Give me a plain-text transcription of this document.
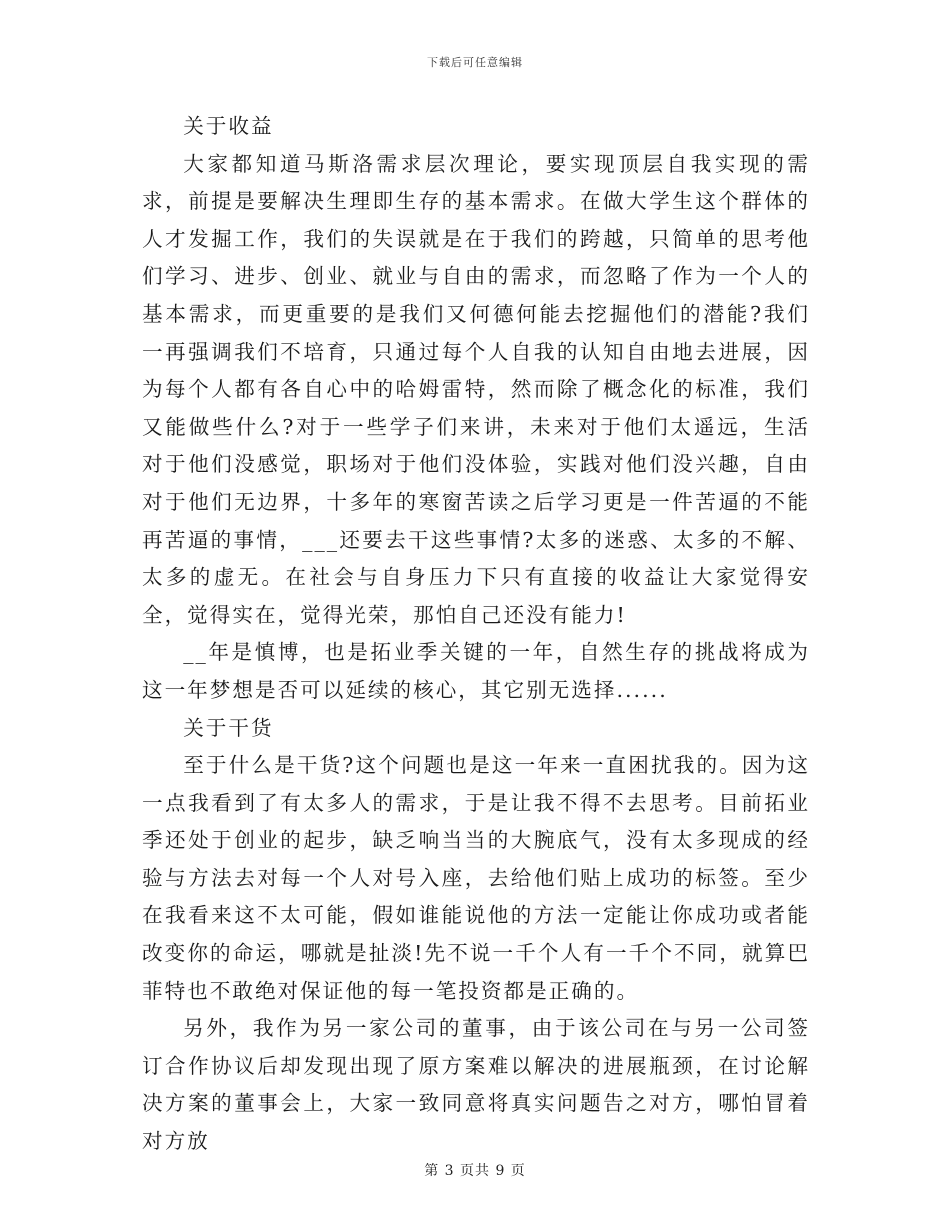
下载后可任意编辑

关于收益

大家都知道马斯洛需求层次理论，要实现顶层自我实现的需求，前提是要解决生理即生存的基本需求。在做大学生这个群体的人才发掘工作，我们的失误就是在于我们的跨越，只简单的思考他们学习、进步、创业、就业与自由的需求，而忽略了作为一个人的基本需求，而更重要的是我们又何德何能去挖掘他们的潜能?我们一再强调我们不培育，只通过每个人自我的认知自由地去进展，因为每个人都有各自心中的哈姆雷特，然而除了概念化的标准，我们又能做些什么?对于一些学子们来讲，未来对于他们太遥远，生活对于他们没感觉，职场对于他们没体验，实践对他们没兴趣，自由对于他们无边界，十多年的寒窗苦读之后学习更是一件苦逼的不能再苦逼的事情，___还要去干这些事情?太多的迷惑、太多的不解、太多的虚无。在社会与自身压力下只有直接的收益让大家觉得安全，觉得实在，觉得光荣，那怕自己还没有能力!

__年是慎博，也是拓业季关键的一年，自然生存的挑战将成为这一年梦想是否可以延续的核心，其它别无选择......

关于干货

至于什么是干货?这个问题也是这一年来一直困扰我的。因为这一点我看到了有太多人的需求，于是让我不得不去思考。目前拓业季还处于创业的起步，缺乏响当当的大腕底气，没有太多现成的经验与方法去对每一个人对号入座，去给他们贴上成功的标签。至少在我看来这不太可能，假如谁能说他的方法一定能让你成功或者能改变你的命运，哪就是扯淡!先不说一千个人有一千个不同，就算巴菲特也不敢绝对保证他的每一笔投资都是正确的。

另外，我作为另一家公司的董事，由于该公司在与另一公司签订合作协议后却发现出现了原方案难以解决的进展瓶颈，在讨论解决方案的董事会上，大家一致同意将真实问题告之对方，哪怕冒着对方放

第 3 页共 9 页
